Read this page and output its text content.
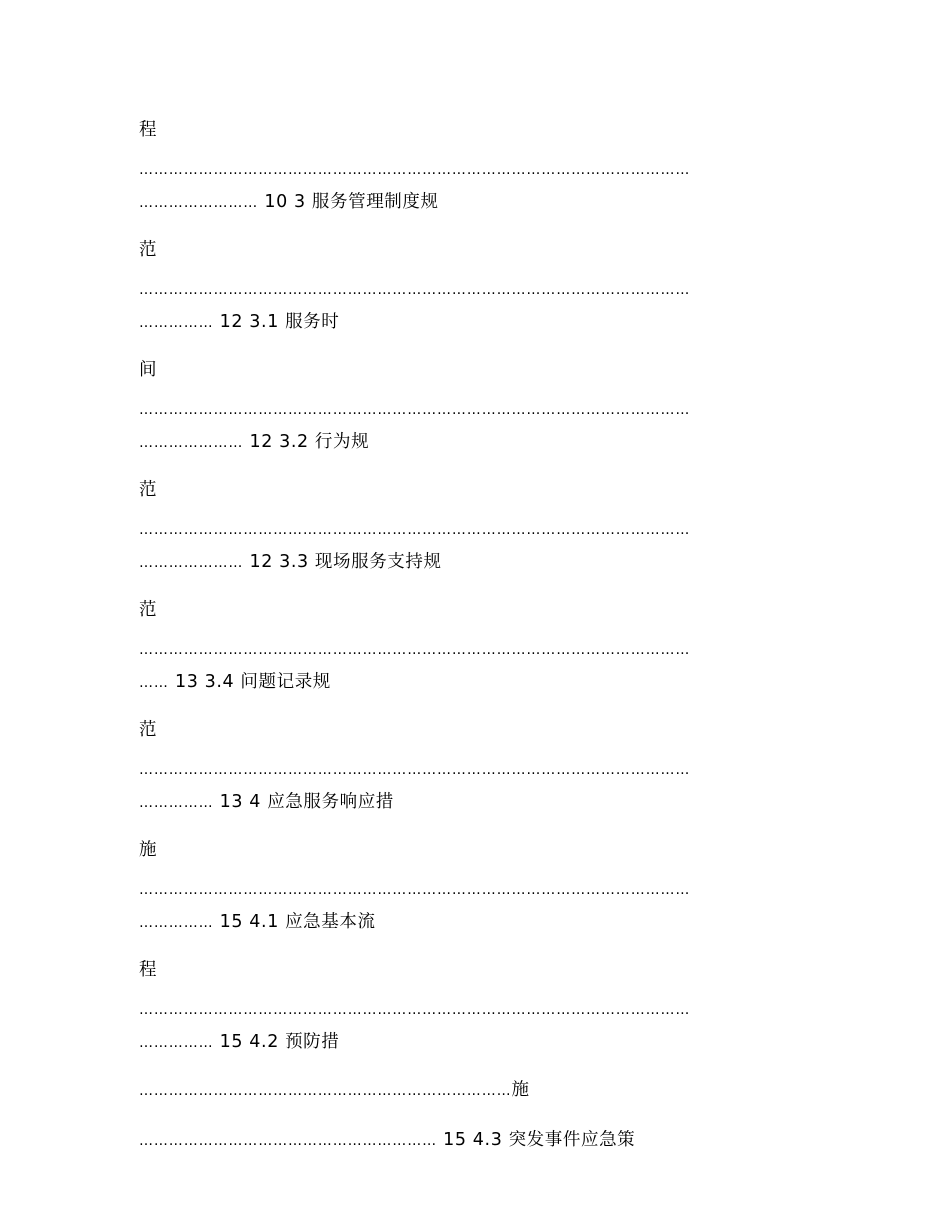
程
…………………………………………………………………………………………………
…………………… 10 3 服务管理制度规
范
…………………………………………………………………………………………………
…………… 12 3.1 服务时
间
…………………………………………………………………………………………………
………………… 12 3.2 行为规
范
…………………………………………………………………………………………………
………………… 12 3.3 现场服务支持规
范
…………………………………………………………………………………………………
…… 13 3.4 问题记录规
范
…………………………………………………………………………………………………
…………… 13 4 应急服务响应措
施
…………………………………………………………………………………………………
…………… 15 4.1 应急基本流
程
…………………………………………………………………………………………………
…………… 15 4.2 预防措
…………………………………………………………………施
…………………………………………………… 15 4.3 突发事件应急策
